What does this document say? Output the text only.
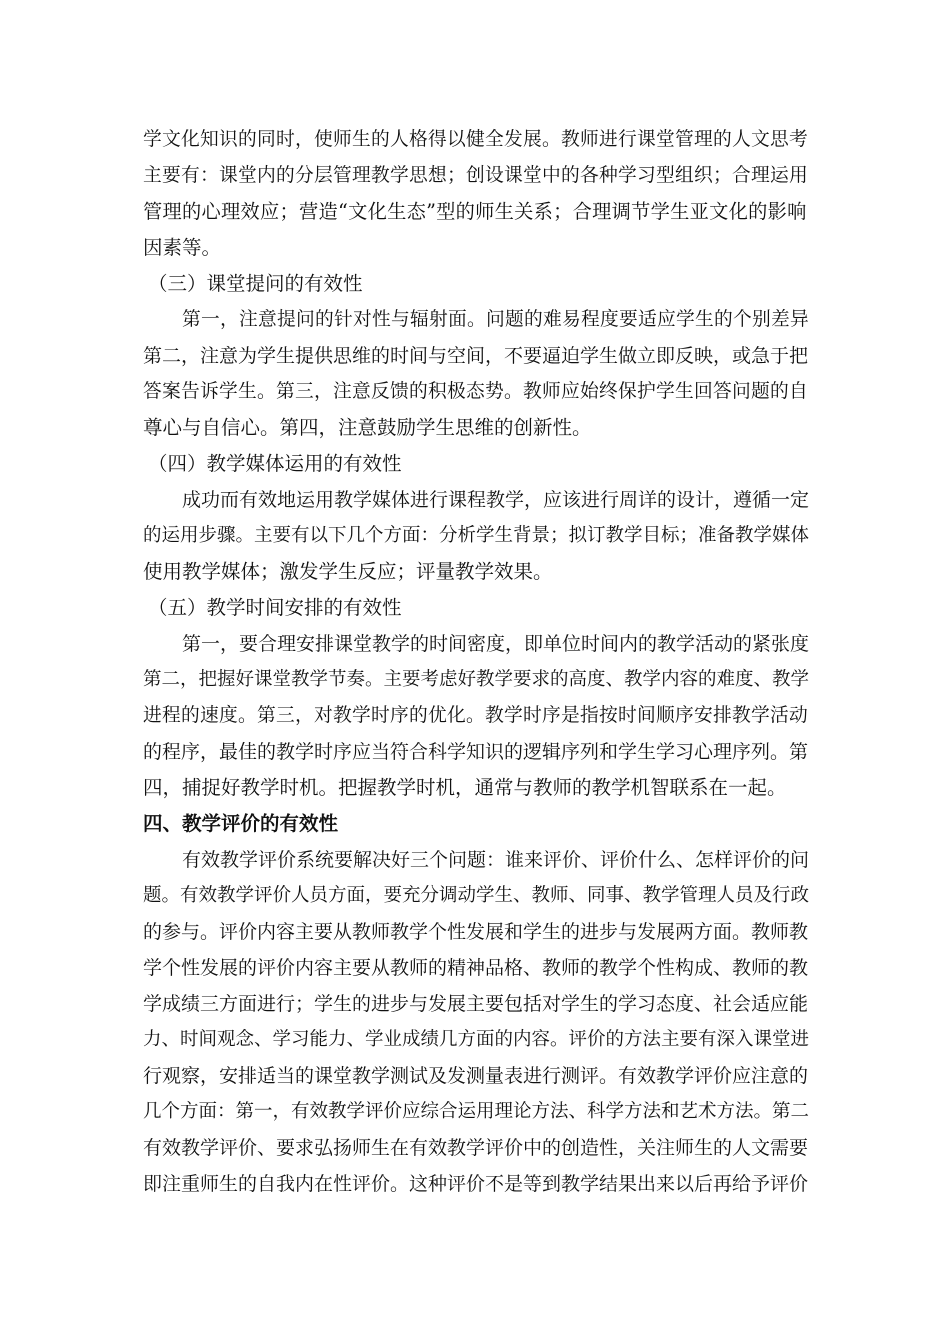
学文化知识的同时，使师生的人格得以健全发展。教师进行课堂管理的人文思考
主要有：课堂内的分层管理教学思想；创设课堂中的各种学习型组织；合理运用
管理的心理效应；营造“文化生态”型的师生关系；合理调节学生亚文化的影响
因素等。
（三）课堂提问的有效性
第一，注意提问的针对性与辐射面。问题的难易程度要适应学生的个别差异
第二，注意为学生提供思维的时间与空间，不要逼迫学生做立即反映，或急于把
答案告诉学生。第三，注意反馈的积极态势。教师应始终保护学生回答问题的自
尊心与自信心。第四，注意鼓励学生思维的创新性。
（四）教学媒体运用的有效性
成功而有效地运用教学媒体进行课程教学，应该进行周详的设计，遵循一定
的运用步骤。主要有以下几个方面：分析学生背景；拟订教学目标；准备教学媒体
使用教学媒体；激发学生反应；评量教学效果。
（五）教学时间安排的有效性
第一，要合理安排课堂教学的时间密度，即单位时间内的教学活动的紧张度
第二，把握好课堂教学节奏。主要考虑好教学要求的高度、教学内容的难度、教学
进程的速度。第三，对教学时序的优化。教学时序是指按时间顺序安排教学活动
的程序，最佳的教学时序应当符合科学知识的逻辑序列和学生学习心理序列。第
四，捕捉好教学时机。把握教学时机，通常与教师的教学机智联系在一起。
四、教学评价的有效性
有效教学评价系统要解决好三个问题：谁来评价、评价什么、怎样评价的问
题。有效教学评价人员方面，要充分调动学生、教师、同事、教学管理人员及行政
的参与。评价内容主要从教师教学个性发展和学生的进步与发展两方面。教师教
学个性发展的评价内容主要从教师的精神品格、教师的教学个性构成、教师的教
学成绩三方面进行；学生的进步与发展主要包括对学生的学习态度、社会适应能
力、时间观念、学习能力、学业成绩几方面的内容。评价的方法主要有深入课堂进
行观察，安排适当的课堂教学测试及发测量表进行测评。有效教学评价应注意的
几个方面：第一，有效教学评价应综合运用理论方法、科学方法和艺术方法。第二
有效教学评价、要求弘扬师生在有效教学评价中的创造性，关注师生的人文需要
即注重师生的自我内在性评价。这种评价不是等到教学结果出来以后再给予评价
